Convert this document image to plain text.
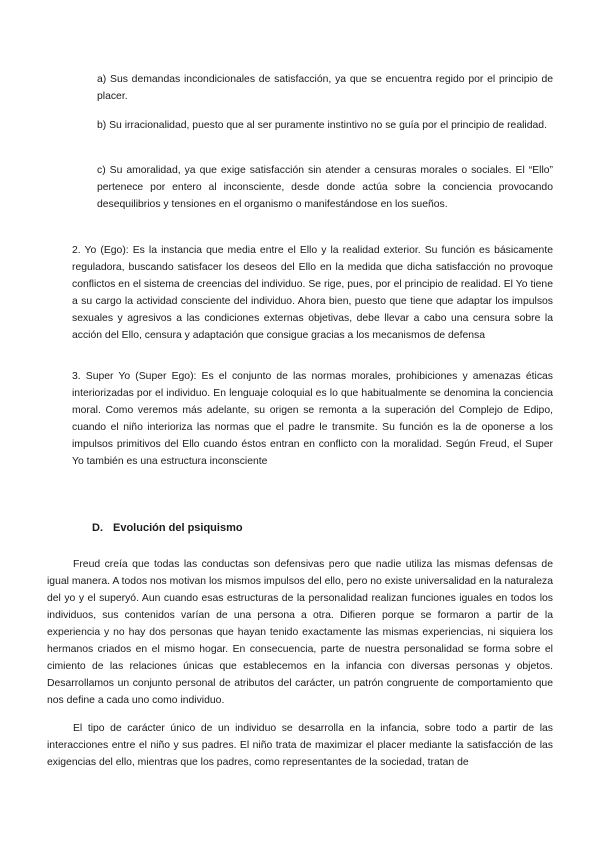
a) Sus demandas incondicionales de satisfacción, ya que se encuentra regido por el principio de placer.

b) Su irracionalidad, puesto que al ser puramente instintivo no se guía por el principio de realidad.

c) Su amoralidad, ya que exige satisfacción sin atender a censuras morales o sociales. El “Ello” pertenece por entero al inconsciente, desde donde actúa sobre la conciencia provocando desequilibrios y tensiones en el organismo o manifestándose en los sueños.

2. Yo (Ego): Es la instancia que media entre el Ello y la realidad exterior. Su función es básicamente reguladora, buscando satisfacer los deseos del Ello en la medida que dicha satisfacción no provoque conflictos en el sistema de creencias del individuo. Se rige, pues, por el principio de realidad. El Yo tiene a su cargo la actividad consciente del individuo. Ahora bien, puesto que tiene que adaptar los impulsos sexuales y agresivos a las condiciones externas objetivas, debe llevar a cabo una censura sobre la acción del Ello, censura y adaptación que consigue gracias a los mecanismos de defensa

3. Super Yo (Super Ego): Es el conjunto de las normas morales, prohibiciones y amenazas éticas interiorizadas por el individuo. En lenguaje coloquial es lo que habitualmente se denomina la conciencia moral. Como veremos más adelante, su origen se remonta a la superación del Complejo de Edipo, cuando el niño interioriza las normas que el padre le transmite. Su función es la de oponerse a los impulsos primitivos del Ello cuando éstos entran en conflicto con la moralidad. Según Freud, el Super Yo también es una estructura inconsciente

D. Evolución del psiquismo

Freud creía que todas las conductas son defensivas pero que nadie utiliza las mismas defensas de igual manera. A todos nos motivan los mismos impulsos del ello, pero no existe universalidad en la naturaleza del yo y el superyó. Aun cuando esas estructuras de la personalidad realizan funciones iguales en todos los individuos, sus contenidos varían de una persona a otra. Difieren porque se formaron a partir de la experiencia y no hay dos personas que hayan tenido exactamente las mismas experiencias, ni siquiera los hermanos criados en el mismo hogar. En consecuencia, parte de nuestra personalidad se forma sobre el cimiento de las relaciones únicas que establecemos en la infancia con diversas personas y objetos. Desarrollamos un conjunto personal de atributos del carácter, un patrón congruente de comportamiento que nos define a cada uno como individuo.

El tipo de carácter único de un individuo se desarrolla en la infancia, sobre todo a partir de las interacciones entre el niño y sus padres. El niño trata de maximizar el placer mediante la satisfacción de las exigencias del ello, mientras que los padres, como representantes de la sociedad, tratan de
